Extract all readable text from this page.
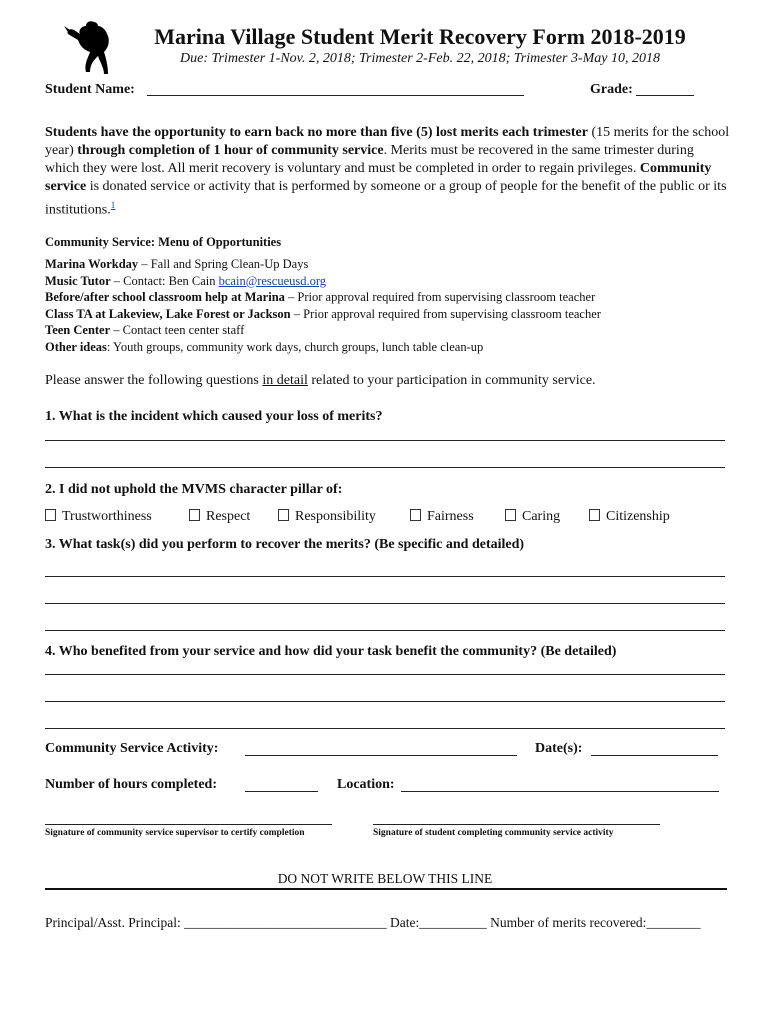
Marina Village Student Merit Recovery Form 2018-2019
Due: Trimester 1-Nov. 2, 2018; Trimester 2-Feb. 22, 2018; Trimester 3-May 10, 2018
Student Name:	Grade:
Students have the opportunity to earn back no more than five (5) lost merits each trimester (15 merits for the school year) through completion of 1 hour of community service. Merits must be recovered in the same trimester during which they were lost. All merit recovery is voluntary and must be completed in order to regain privileges. Community service is donated service or activity that is performed by someone or a group of people for the benefit of the public or its institutions.$^1$
Community Service: Menu of Opportunities
Marina Workday – Fall and Spring Clean-Up Days
Music Tutor – Contact: Ben Cain bcain@rescueusd.org
Before/after school classroom help at Marina – Prior approval required from supervising classroom teacher
Class TA at Lakeview, Lake Forest or Jackson – Prior approval required from supervising classroom teacher
Teen Center – Contact teen center staff
Other ideas: Youth groups, community work days, church groups, lunch table clean-up
Please answer the following questions in detail related to your participation in community service.
1. What is the incident which caused your loss of merits?
2. I did not uphold the MVMS character pillar of:
Trustworthiness	Respect	Responsibility	Fairness	Caring	Citizenship
3. What task(s) did you perform to recover the merits? (Be specific and detailed)
4. Who benefited from your service and how did your task benefit the community? (Be detailed)
Community Service Activity:	Date(s):
Number of hours completed:	Location:
Signature of community service supervisor to certify completion	Signature of student completing community service activity
DO NOT WRITE BELOW THIS LINE
Principal/Asst. Principal: ______________________________ Date:__________ Number of merits recovered:________
